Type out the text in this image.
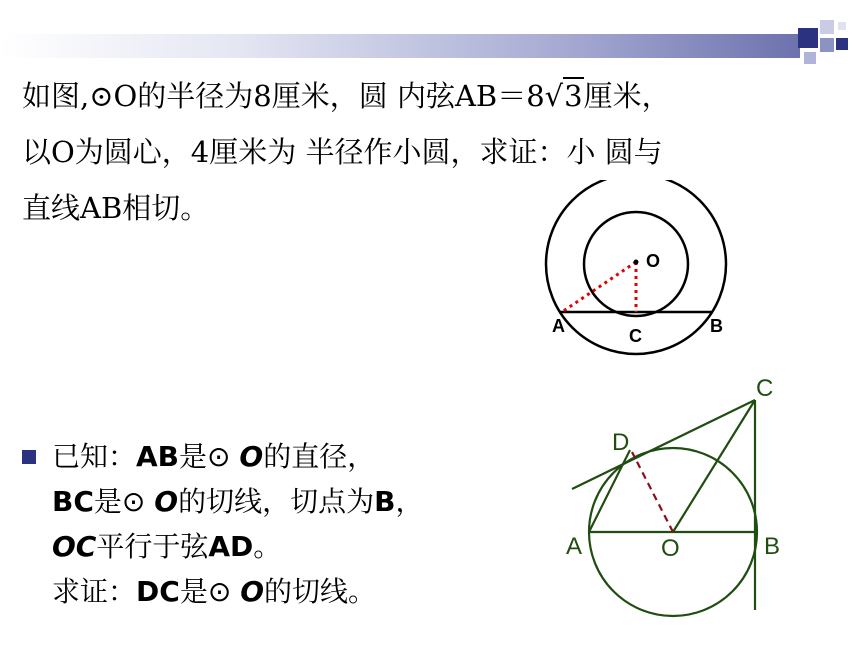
如图,⊙O的半径为8厘米，圆 内弦AB＝8√3厘米，
以O为圆心，4厘米为 半径作小圆，求证：小 圆与
直线AB相切。
O
A	C	B
已知：AB是⊙ O的直径，
BC是⊙ O的切线，切点为B，
OC平行于弦AD。
求证：DC是⊙ O的切线。
C
D
A	O	B
